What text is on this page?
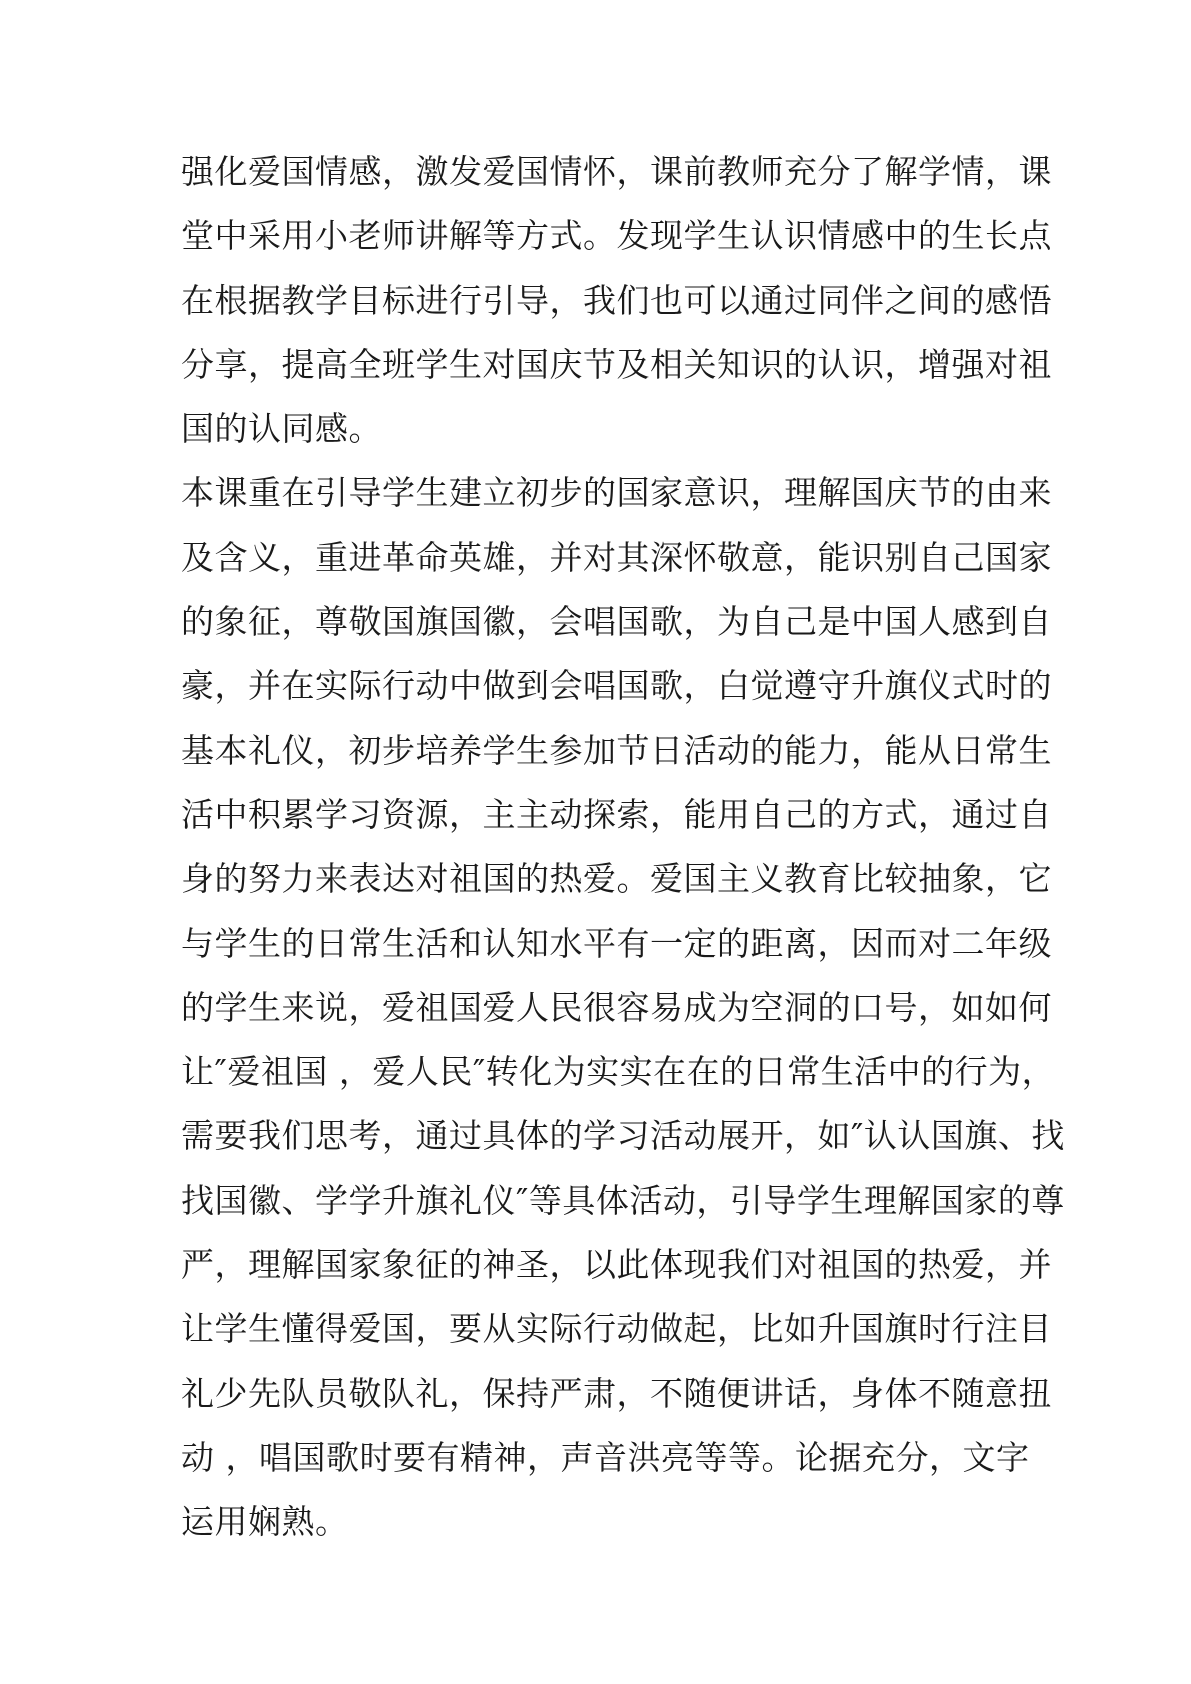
强化爱国情感，激发爱国情怀，课前教师充分了解学情，课
堂中采用小老师讲解等方式。发现学生认识情感中的生长点
在根据教学目标进行引导，我们也可以通过同伴之间的感悟
分享，提高全班学生对国庆节及相关知识的认识，增强对祖
国的认同感。
本课重在引导学生建立初步的国家意识，理解国庆节的由来
及含义，重进革命英雄，并对其深怀敬意，能识别自己国家
的象征，尊敬国旗国徽，会唱国歌，为自己是中国人感到自
豪，并在实际行动中做到会唱国歌，白觉遵守升旗仪式时的
基本礼仪，初步培养学生参加节日活动的能力，能从日常生
活中积累学习资源，主主动探索，能用自己的方式，通过自
身的努力来表达对祖国的热爱。爱国主义教育比较抽象，它
与学生的日常生活和认知水平有一定的距离，因而对二年级
的学生来说，爱祖国爱人民很容易成为空洞的口号，如如何
让″爱祖国 ，爱人民″转化为实实在在的日常生活中的行为，
需要我们思考，通过具体的学习活动展开，如″认认国旗、找
找国徽、学学升旗礼仪″等具体活动，引导学生理解国家的尊
严，理解国家象征的神圣，以此体现我们对祖国的热爱，并
让学生懂得爱国，要从实际行动做起，比如升国旗时行注目
礼少先队员敬队礼，保持严肃，不随便讲话，身体不随意扭
动 ，唱国歌时要有精神，声音洪亮等等。论据充分，文字
运用娴熟。
